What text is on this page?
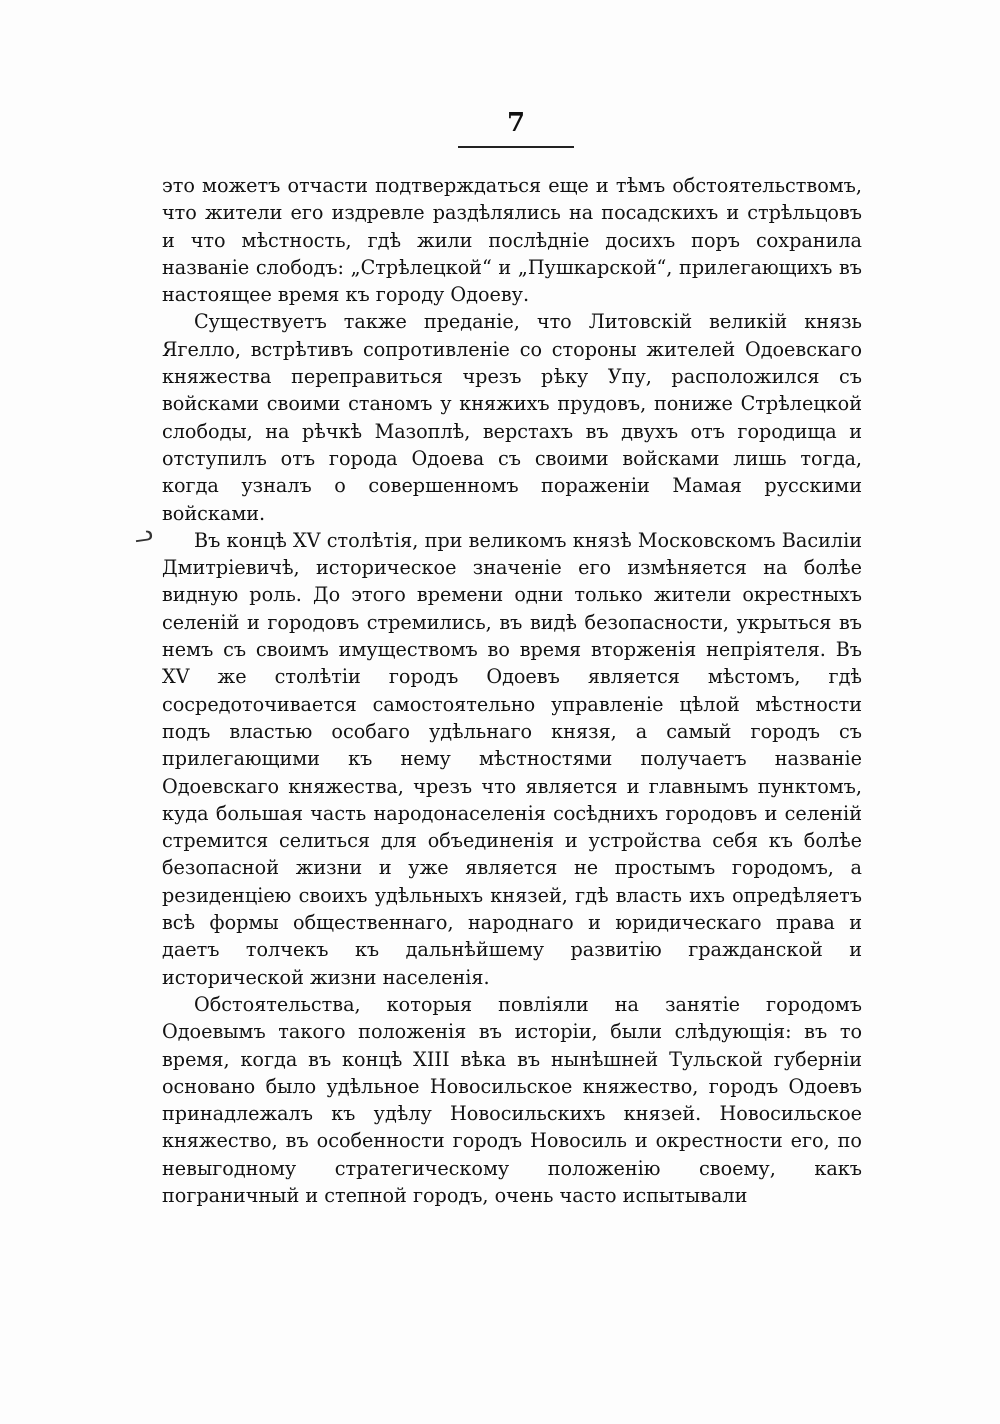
7
ᓗ

это можетъ отчасти подтверждаться еще и тѣмъ обстоятельствомъ, что жители его издревле раздѣлялись на посадскихъ и стрѣльцовъ и что мѣстность, гдѣ жили послѣдніе досихъ поръ сохранила названіе слободъ: „Стрѣлецкой“ и „Пушкарской“, прилегающихъ въ настоящее время къ городу Одоеву.

Существуетъ также преданіе, что Литовскій великій князь Ягелло, встрѣтивъ сопротивленіе со стороны жителей Одоевскаго княжества переправиться чрезъ рѣку Упу, расположился съ войсками своими станомъ у княжихъ прудовъ, пониже Стрѣлецкой слободы, на рѣчкѣ Мазоплѣ, верстахъ въ двухъ отъ городища и отступилъ отъ города Одоева съ своими войсками лишь тогда, когда узналъ о совершенномъ пораженіи Мамая русскими войсками.

Въ концѣ XV столѣтія, при великомъ князѣ Московскомъ Василіи Дмитріевичѣ, историческое значеніе его измѣняется на болѣе видную роль. До этого времени одни только жители окрестныхъ селеній и городовъ стремились, въ видѣ безопасности, укрыться въ немъ съ своимъ имуществомъ во время вторженія непріятеля. Въ XV же столѣтіи городъ Одоевъ является мѣстомъ, гдѣ сосредоточивается самостоятельно управленіе цѣлой мѣстности подъ властью особаго удѣльнаго князя, а самый городъ съ прилегающими къ нему мѣстностями получаетъ названіе Одоевскаго княжества, чрезъ что является и главнымъ пунктомъ, куда большая часть народонаселенія сосѣднихъ городовъ и селеній стремится селиться для объединенія и устройства себя къ болѣе безопасной жизни и уже является не простымъ городомъ, а резиденціею своихъ удѣльныхъ князей, гдѣ власть ихъ опредѣляетъ всѣ формы общественнаго, народнаго и юридическаго права и даетъ толчекъ къ дальнѣйшему развитію гражданской и исторической жизни населенія.

Обстоятельства, которыя повліяли на занятіе городомъ Одоевымъ такого положенія въ исторіи, были слѣдующія: въ то время, когда въ концѣ XIII вѣка въ нынѣшней Тульской губерніи основано было удѣльное Новосильское княжество, городъ Одоевъ принадлежалъ къ удѣлу Новосильскихъ князей. Новосильское княжество, въ особенности городъ Новосиль и окрестности его, по невыгодному стратегическому положенію своему, какъ пограничный и степной городъ, очень часто испытывали
